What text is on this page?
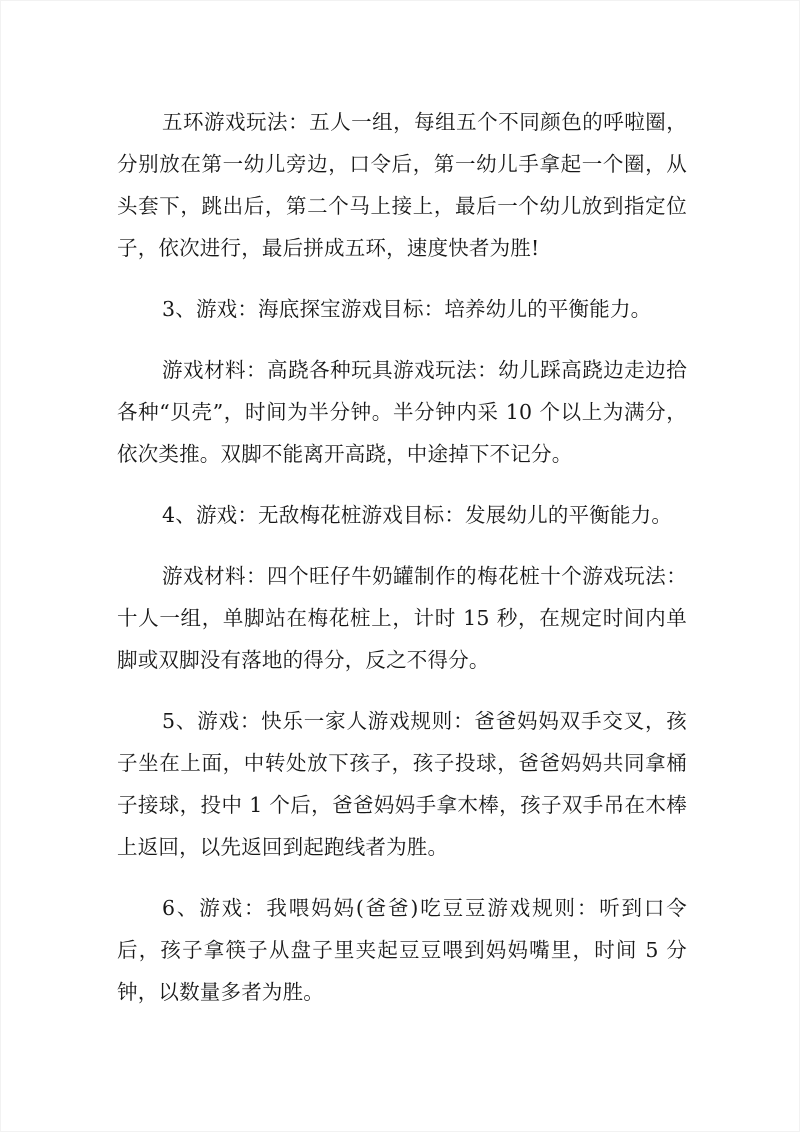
五环游戏玩法：五人一组，每组五个不同颜色的呼啦圈，分别放在第一幼儿旁边，口令后，第一幼儿手拿起一个圈，从头套下，跳出后，第二个马上接上，最后一个幼儿放到指定位子，依次进行，最后拼成五环，速度快者为胜!

3、游戏：海底探宝游戏目标：培养幼儿的平衡能力。

游戏材料：高跷各种玩具游戏玩法：幼儿踩高跷边走边拾各种“贝壳”，时间为半分钟。半分钟内采 10 个以上为满分，依次类推。双脚不能离开高跷，中途掉下不记分。

4、游戏：无敌梅花桩游戏目标：发展幼儿的平衡能力。

游戏材料：四个旺仔牛奶罐制作的梅花桩十个游戏玩法：十人一组，单脚站在梅花桩上，计时 15 秒，在规定时间内单脚或双脚没有落地的得分，反之不得分。

5、游戏：快乐一家人游戏规则：爸爸妈妈双手交叉，孩子坐在上面，中转处放下孩子，孩子投球，爸爸妈妈共同拿桶子接球，投中 1 个后，爸爸妈妈手拿木棒，孩子双手吊在木棒上返回，以先返回到起跑线者为胜。

6、游戏：我喂妈妈(爸爸)吃豆豆游戏规则：听到口令后，孩子拿筷子从盘子里夹起豆豆喂到妈妈嘴里，时间 5 分钟，以数量多者为胜。
